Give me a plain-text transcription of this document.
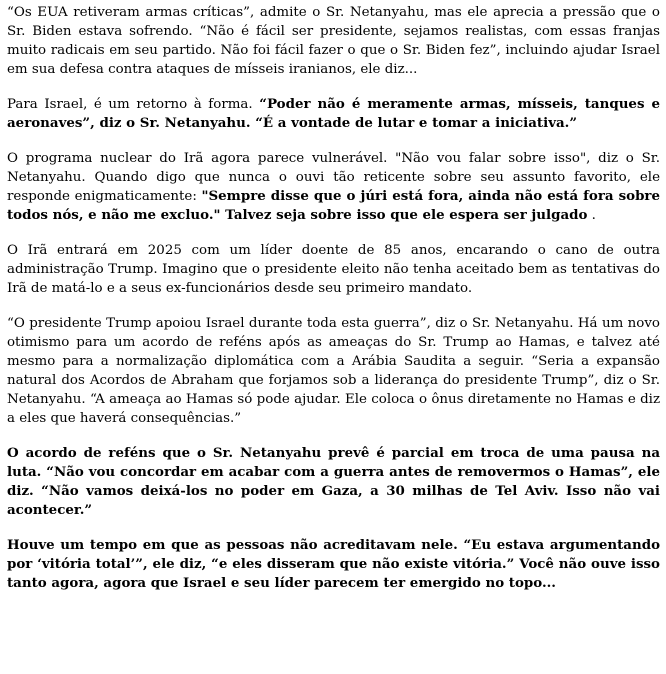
“Os EUA retiveram armas críticas”, admite o Sr. Netanyahu, mas ele aprecia a pressão que o Sr. Biden estava sofrendo. “Não é fácil ser presidente, sejamos realistas, com essas franjas muito radicais em seu partido. Não foi fácil fazer o que o Sr. Biden fez”, incluindo ajudar Israel em sua defesa contra ataques de mísseis iranianos, ele diz...

Para Israel, é um retorno à forma. “Poder não é meramente armas, mísseis, tanques e aeronaves”, diz o Sr. Netanyahu. “É a vontade de lutar e tomar a iniciativa.”

O programa nuclear do Irã agora parece vulnerável. "Não vou falar sobre isso", diz o Sr. Netanyahu. Quando digo que nunca o ouvi tão reticente sobre seu assunto favorito, ele responde enigmaticamente: "Sempre disse que o júri está fora, ainda não está fora sobre todos nós, e não me excluo." Talvez seja sobre isso que ele espera ser julgado .

O Irã entrará em 2025 com um líder doente de 85 anos, encarando o cano de outra administração Trump. Imagino que o presidente eleito não tenha aceitado bem as tentativas do Irã de matá-lo e a seus ex-funcionários desde seu primeiro mandato.

“O presidente Trump apoiou Israel durante toda esta guerra”, diz o Sr. Netanyahu. Há um novo otimismo para um acordo de reféns após as ameaças do Sr. Trump ao Hamas, e talvez até mesmo para a normalização diplomática com a Arábia Saudita a seguir. “Seria a expansão natural dos Acordos de Abraham que forjamos sob a liderança do presidente Trump”, diz o Sr. Netanyahu. “A ameaça ao Hamas só pode ajudar. Ele coloca o ônus diretamente no Hamas e diz a eles que haverá consequências.”

O acordo de reféns que o Sr. Netanyahu prevê é parcial em troca de uma pausa na luta. “Não vou concordar em acabar com a guerra antes de removermos o Hamas”, ele diz. “Não vamos deixá-los no poder em Gaza, a 30 milhas de Tel Aviv. Isso não vai acontecer.”

Houve um tempo em que as pessoas não acreditavam nele. “Eu estava argumentando por ‘vitória total’”, ele diz, “e eles disseram que não existe vitória.” Você não ouve isso tanto agora, agora que Israel e seu líder parecem ter emergido no topo...
